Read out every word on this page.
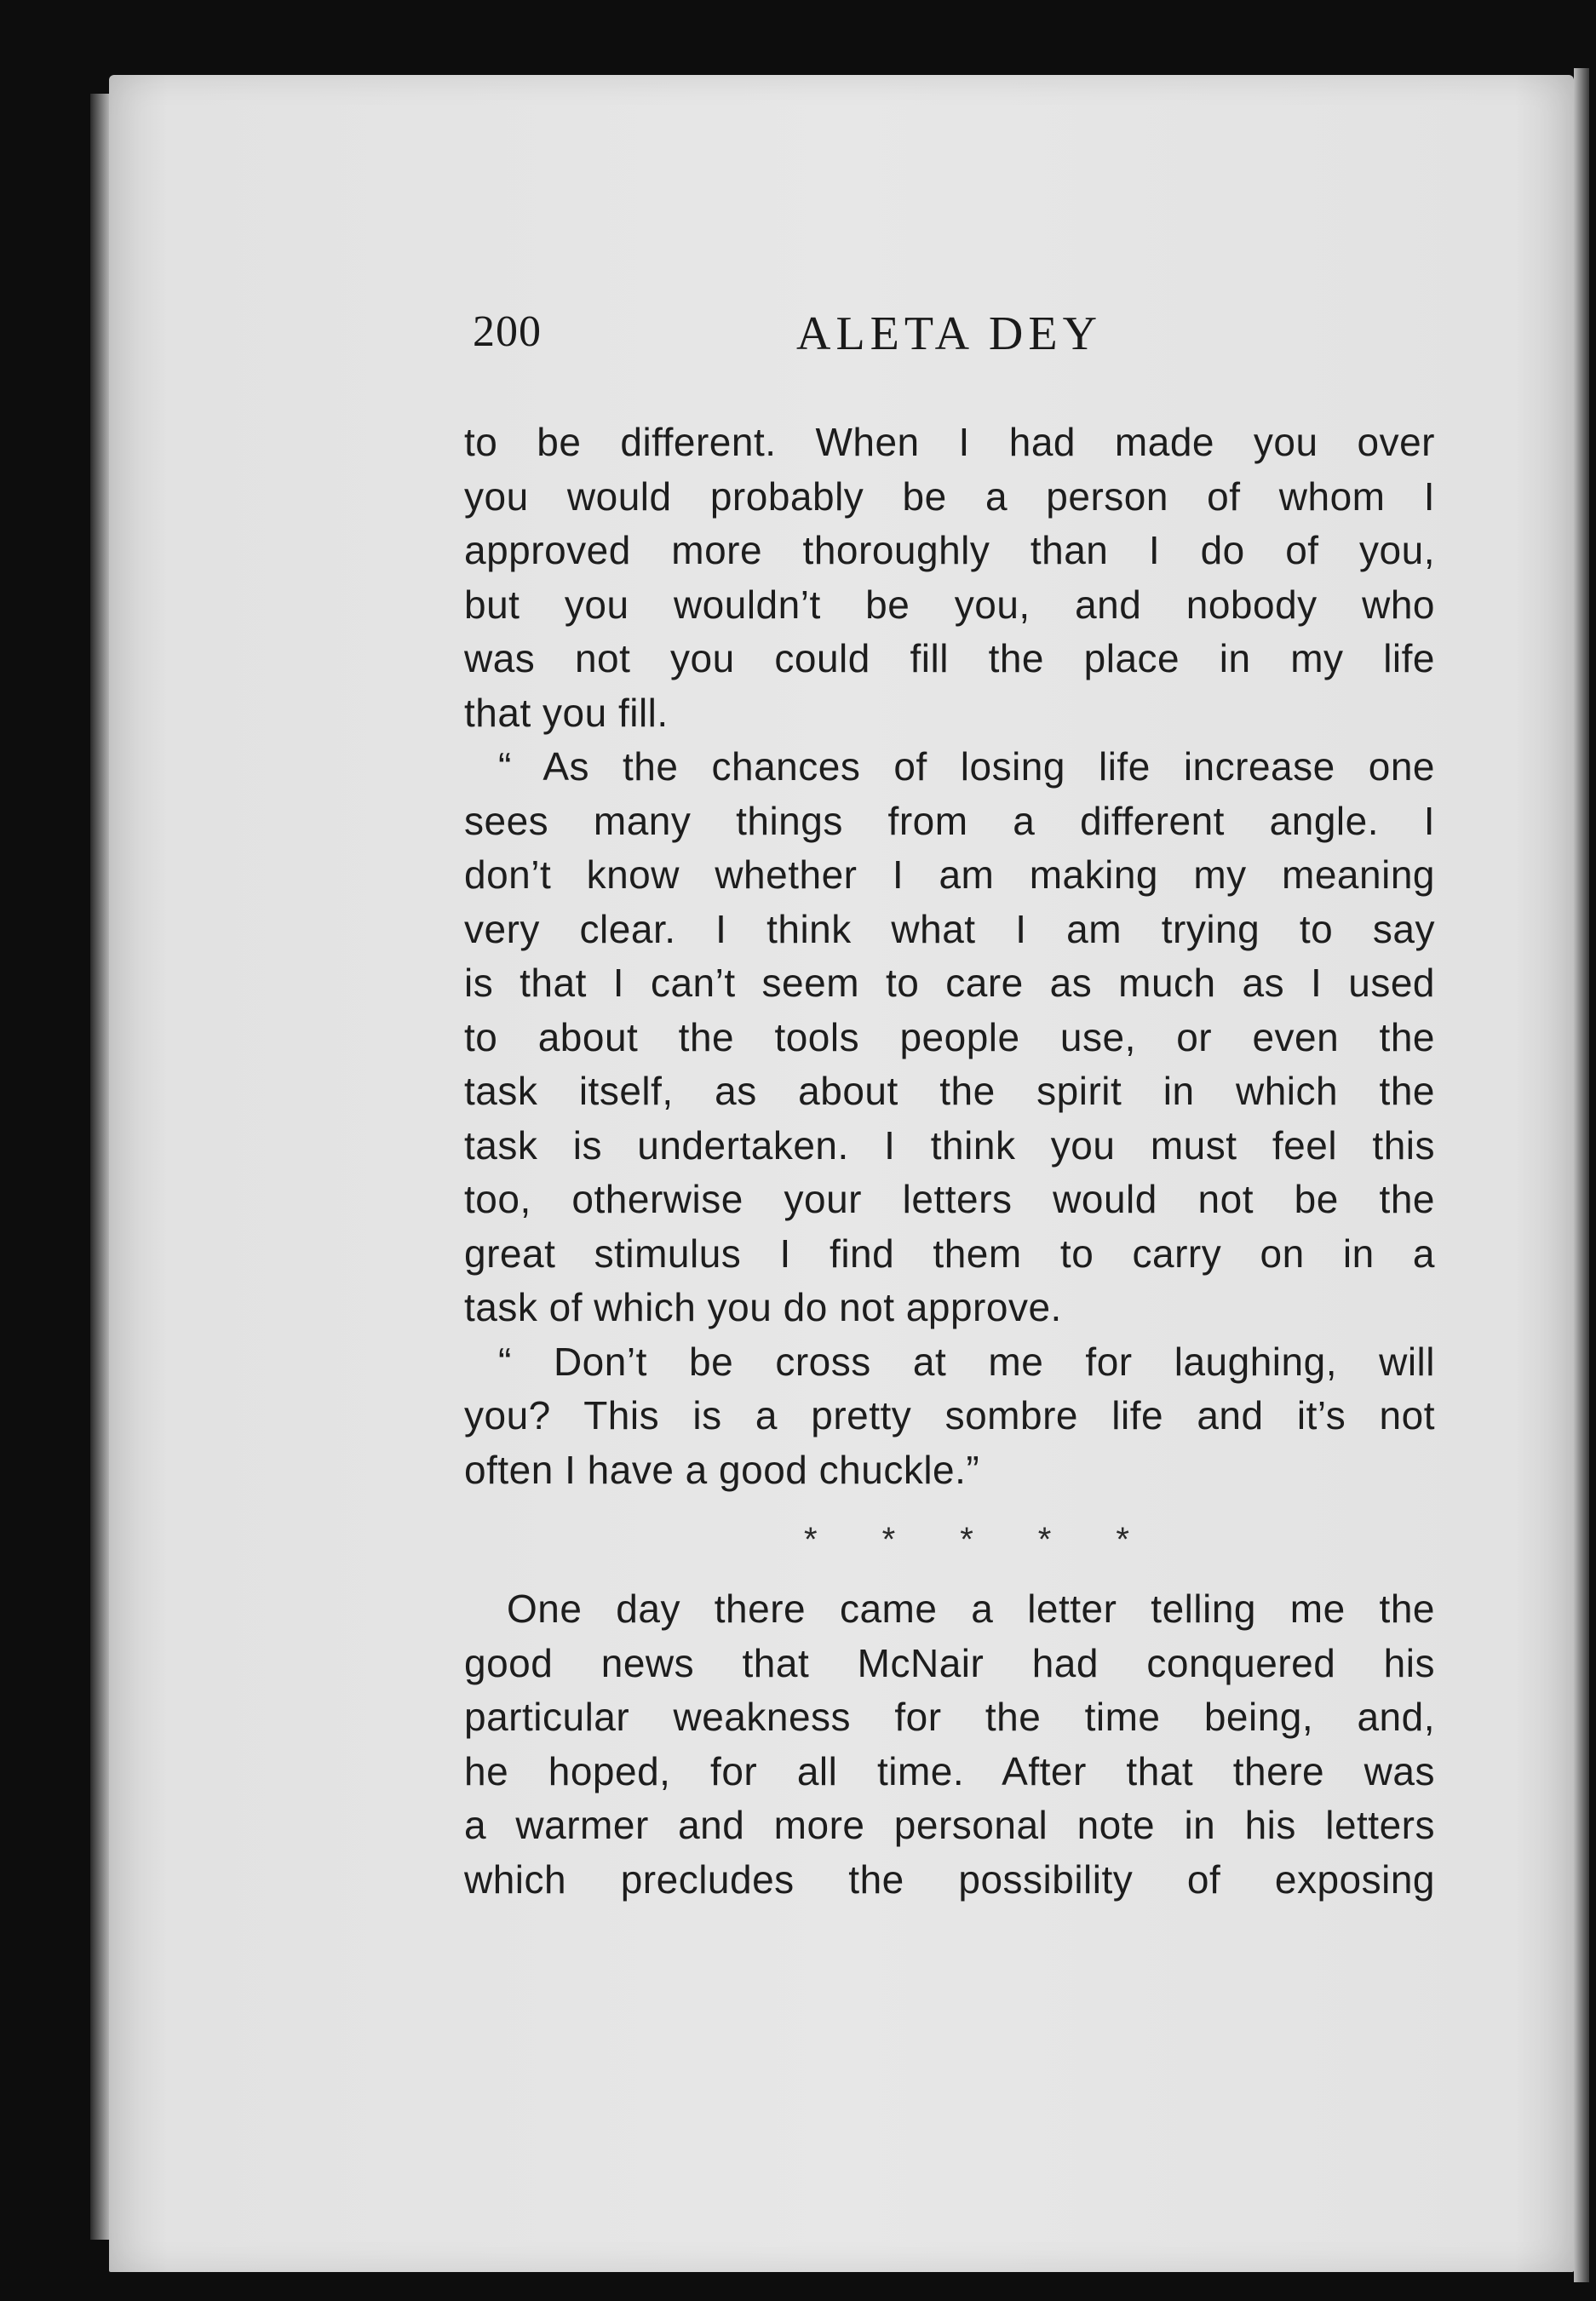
200	ALETA DEY
to be different. When I had made you over
you would probably be a person of whom I
approved more thoroughly than I do of you,
but you wouldn’t be you, and nobody who
was not you could fill the place in my life
that you fill.
“ As the chances of losing life increase one
sees many things from a different angle. I
don’t know whether I am making my meaning
very clear. I think what I am trying to say
is that I can’t seem to care as much as I used
to about the tools people use, or even the
task itself, as about the spirit in which the
task is undertaken. I think you must feel this
too, otherwise your letters would not be the
great stimulus I find them to carry on in a
task of which you do not approve.
“ Don’t be cross at me for laughing, will
you? This is a pretty sombre life and it’s not
often I have a good chuckle.”
* * * * *
One day there came a letter telling me the
good news that McNair had conquered his
particular weakness for the time being, and,
he hoped, for all time. After that there was
a warmer and more personal note in his letters
which precludes the possibility of exposing
